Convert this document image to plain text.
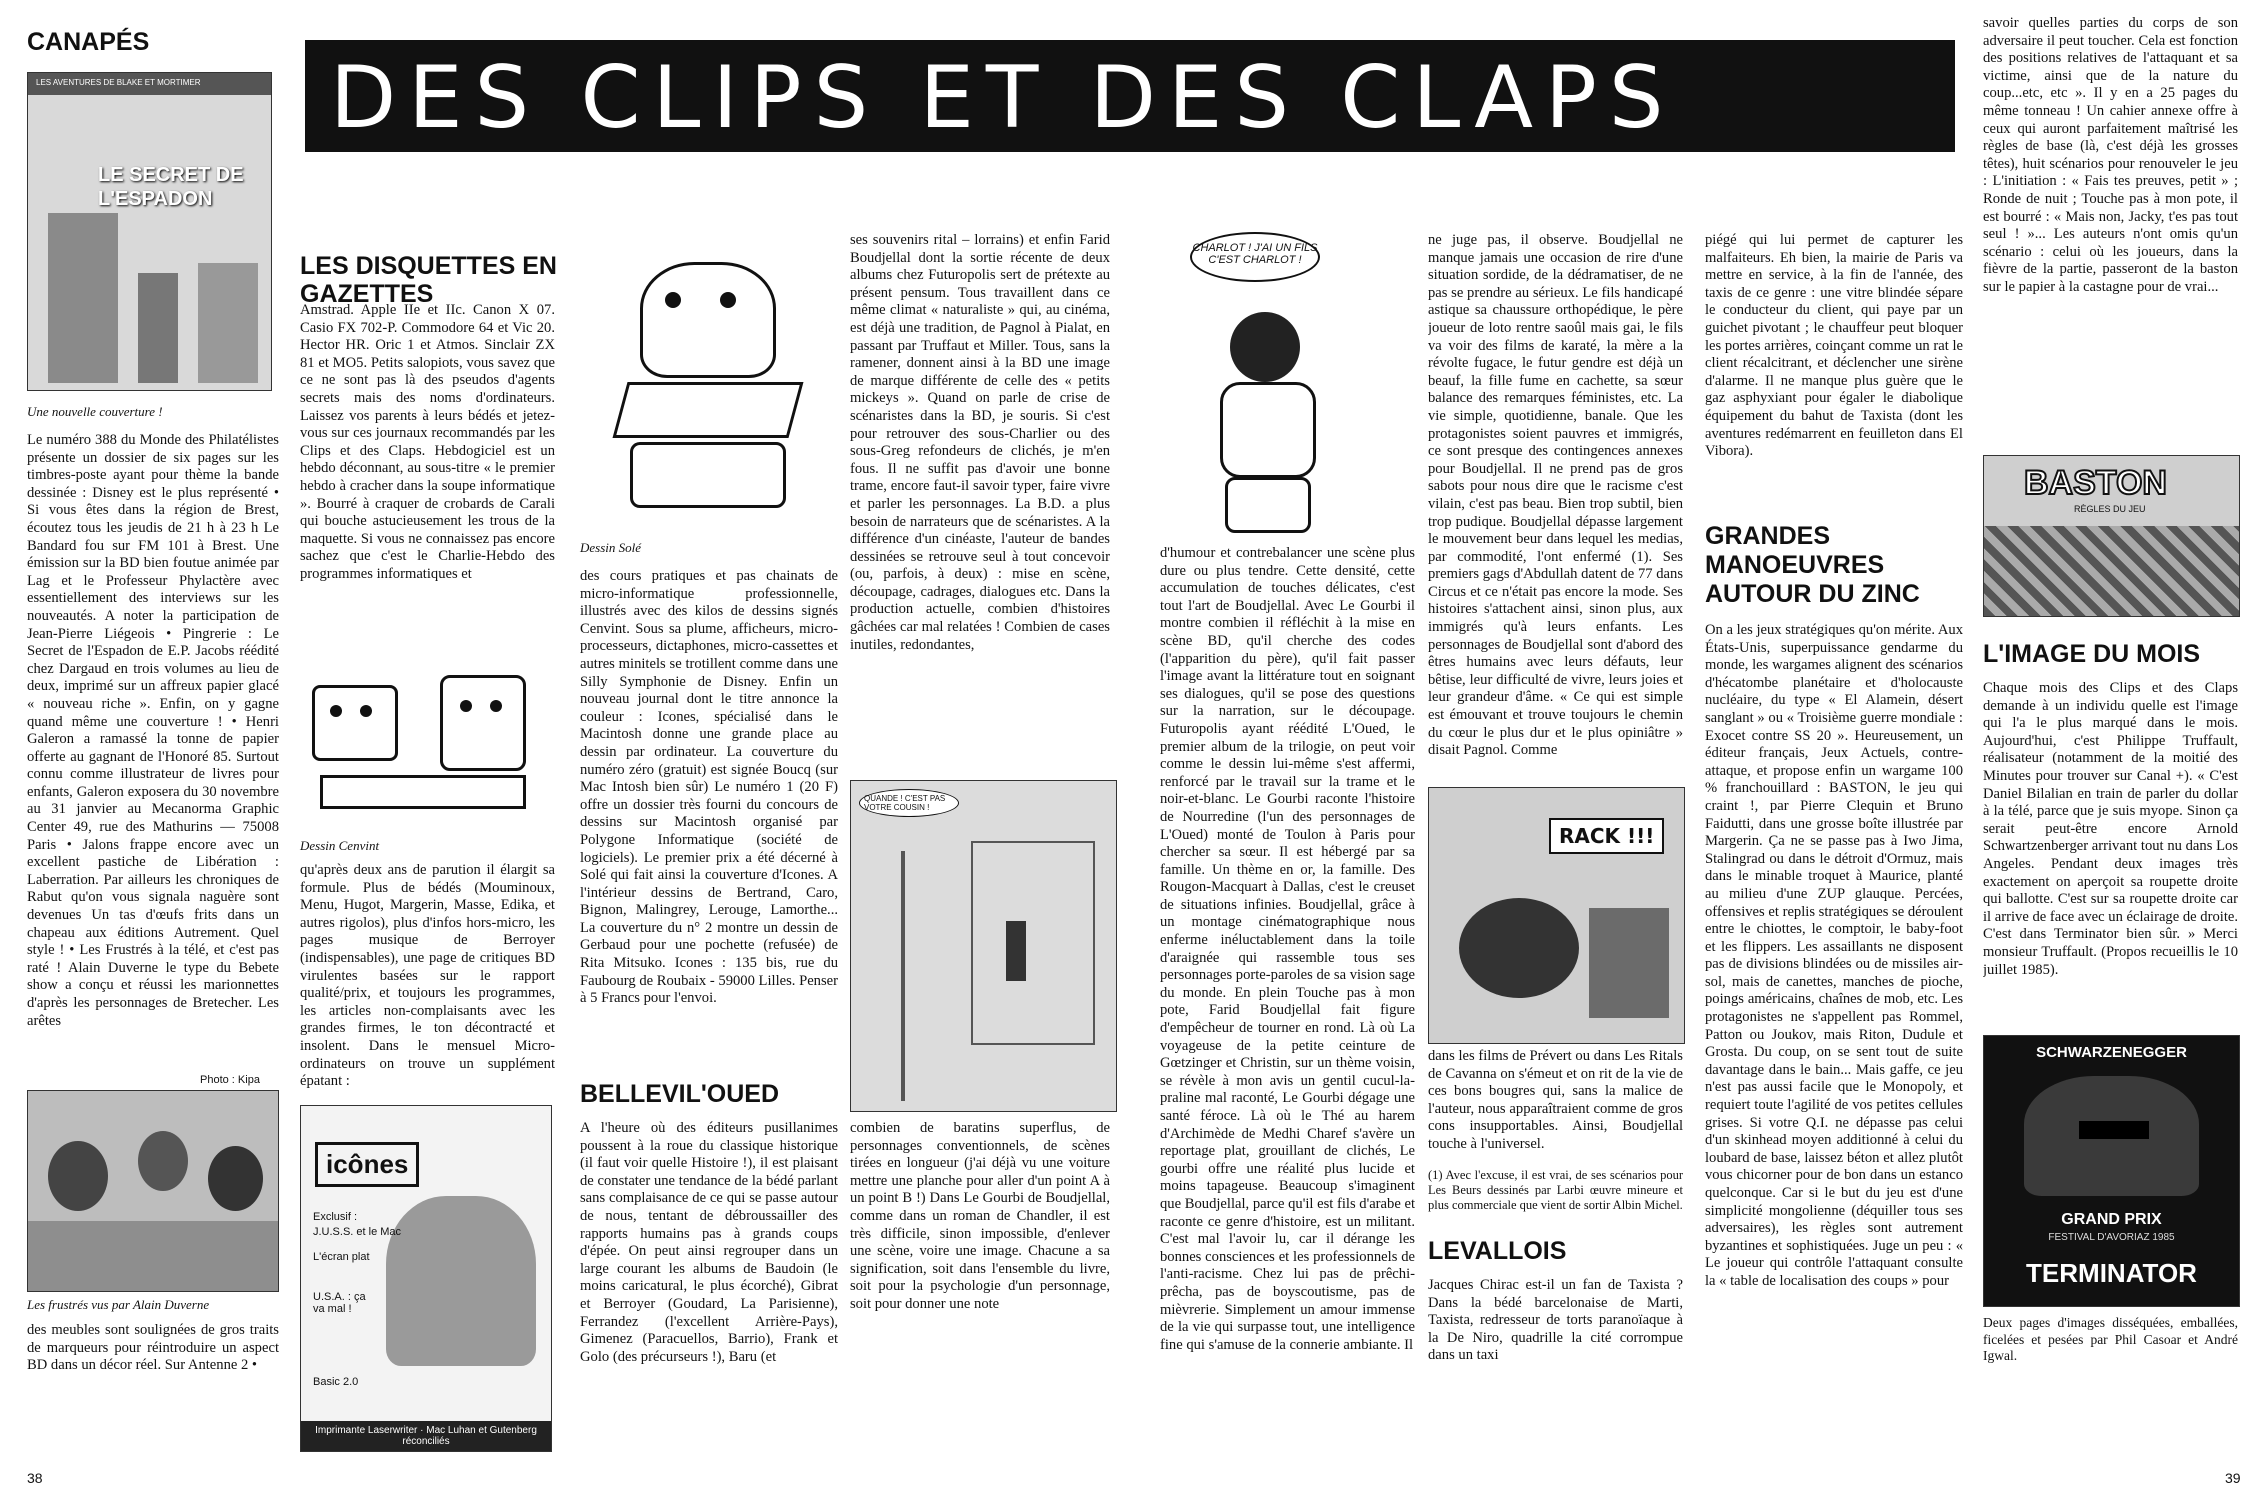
CANAPÉS
LES AVENTURES DE BLAKE ET MORTIMER
LE SECRET DE L'ESPADON
Une nouvelle couverture !
Le numéro 388 du Monde des Philatélistes présente un dossier de six pages sur les timbres-poste ayant pour thème la bande dessinée : Disney est le plus représenté • Si vous êtes dans la région de Brest, écoutez tous les jeudis de 21 h à 23 h Le Bandard fou sur FM 101 à Brest. Une émission sur la BD bien foutue animée par Lag et le Professeur Phylactère avec essentiellement des interviews sur les nouveautés. A noter la participation de Jean-Pierre Liégeois • Pingrerie : Le Secret de l'Espadon de E.P. Jacobs réédité chez Dargaud en trois volumes au lieu de deux, imprimé sur un affreux papier glacé « nouveau riche ». Enfin, on y gagne quand même une couverture ! • Henri Galeron a ramassé la tonne de papier offerte au gagnant de l'Honoré 85. Surtout connu comme illustrateur de livres pour enfants, Galeron exposera du 30 novembre au 31 janvier au Mecanorma Graphic Center 49, rue des Mathurins — 75008 Paris • Jalons frappe encore avec un excellent pastiche de Libération : Laberration. Par ailleurs les chroniques de Rabut qu'on vous signala naguère sont devenues Un tas d'œufs frits dans un chapeau aux éditions Autrement. Quel style ! • Les Frustrés à la télé, et c'est pas raté ! Alain Duverne le type du Bebete show a conçu et réussi les marionnettes d'après les personnages de Bretecher. Les arêtes
Photo : Kipa
Les frustrés vus par Alain Duverne
des meubles sont soulignées de gros traits de marqueurs pour réintroduire un aspect BD dans un décor réel. Sur Antenne 2 •
38
DES CLIPS ET DES CLAPS
LES DISQUETTES EN GAZETTES
Amstrad. Apple IIe et IIc. Canon X 07. Casio FX 702-P. Commodore 64 et Vic 20. Hector HR. Oric 1 et Atmos. Sinclair ZX 81 et MO5. Petits salopiots, vous savez que ce ne sont pas là des pseudos d'agents secrets mais des noms d'ordinateurs. Laissez vos parents à leurs bédés et jetez-vous sur ces journaux recommandés par les Clips et des Claps. Hebdogiciel est un hebdo déconnant, au sous-titre « le premier hebdo à cracher dans la soupe informatique ». Bourré à craquer de crobards de Carali qui bouche astucieusement les trous de la maquette. Si vous ne connaissez pas encore sachez que c'est le Charlie-Hebdo des programmes informatiques et
Dessin Cenvint
qu'après deux ans de parution il élargit sa formule. Plus de bédés (Mouminoux, Menu, Hugot, Margerin, Masse, Edika, et autres rigolos), plus d'infos hors-micro, les pages musique de Berroyer (indispensables), une page de critiques BD virulentes basées sur le rapport qualité/prix, et toujours les programmes, les articles non-complaisants avec les grandes firmes, le ton décontracté et insolent. Dans le mensuel Micro-ordinateurs on trouve un supplément épatant :
icônes
Exclusif :
J.U.S.S. et le Mac
L'écran plat
U.S.A. : ça va mal !
Basic 2.0
Imprimante Laserwriter · Mac Luhan et Gutenberg réconciliés
Dessin Solé
des cours pratiques et pas chainats de micro-informatique professionnelle, illustrés avec des kilos de dessins signés Cenvint. Sous sa plume, afficheurs, micro-processeurs, dictaphones, micro-cassettes et autres minitels se trotillent comme dans une Silly Symphonie de Disney. Enfin un nouveau journal dont le titre annonce la couleur : Icones, spécialisé dans le Macintosh donne une grande place au dessin par ordinateur. La couverture du numéro zéro (gratuit) est signée Boucq (sur Mac Intosh bien sûr) Le numéro 1 (20 F) offre un dossier très fourni du concours de dessins sur Macintosh organisé par Polygone Informatique (société de logiciels). Le premier prix a été décerné à Solé qui fait ainsi la couverture d'Icones. A l'intérieur dessins de Bertrand, Caro, Bignon, Malingrey, Lerouge, Lamorthe... La couverture du n° 2 montre un dessin de Gerbaud pour une pochette (refusée) de Rita Mitsuko. Icones : 135 bis, rue du Faubourg de Roubaix - 59000 Lilles. Penser à 5 Francs pour l'envoi.
BELLEVIL'OUED
A l'heure où des éditeurs pusillanimes poussent à la roue du classique historique (il faut voir quelle Histoire !), il est plaisant de constater une tendance de la bédé parlant sans complaisance de ce qui se passe autour de nous, tentant de débroussailler des rapports humains pas à grands coups d'épée. On peut ainsi regrouper dans un large courant les albums de Baudoin (le moins caricatural, le plus écorché), Gibrat et Berroyer (Goudard, La Parisienne), Ferrandez (l'excellent Arrière-Pays), Gimenez (Paracuellos, Barrio), Frank et Golo (des précurseurs !), Baru (et
ses souvenirs rital – lorrains) et enfin Farid Boudjellal dont la sortie récente de deux albums chez Futuropolis sert de prétexte au présent pensum. Tous travaillent dans ce même climat « naturaliste » qui, au cinéma, est déjà une tradition, de Pagnol à Pialat, en passant par Truffaut et Miller. Tous, sans la ramener, donnent ainsi à la BD une image de marque différente de celle des « petits mickeys ». Quand on parle de crise de scénaristes dans la BD, je souris. Si c'est pour retrouver des sous-Charlier ou des sous-Greg refondeurs de clichés, je m'en fous. Il ne suffit pas d'avoir une bonne trame, encore faut-il savoir typer, faire vivre et parler les personnages. La B.D. a plus besoin de narrateurs que de scénaristes. A la différence d'un cinéaste, l'auteur de bandes dessinées se retrouve seul à tout concevoir (ou, parfois, à deux) : mise en scène, découpage, cadrages, dialogues etc. Dans la production actuelle, combien d'histoires gâchées car mal relatées ! Combien de cases inutiles, redondantes,
QUANDE ! C'EST PAS VOTRE COUSIN !
combien de baratins superflus, de personnages conventionnels, de scènes tirées en longueur (j'ai déjà vu une voiture mettre une planche pour aller d'un point A à un point B !) Dans Le Gourbi de Boudjellal, comme dans un roman de Chandler, il est très difficile, sinon impossible, d'enlever une scène, voire une image. Chacune a sa signification, soit dans l'ensemble du livre, soit pour la psychologie d'un personnage, soit pour donner une note
CHARLOT ! J'AI UN FILS C'EST CHARLOT !
d'humour et contrebalancer une scène plus dure ou plus tendre. Cette densité, cette accumulation de touches délicates, c'est tout l'art de Boudjellal. Avec Le Gourbi il montre combien il réfléchit à la mise en scène BD, qu'il cherche des codes (l'apparition du père), qu'il fait passer l'image avant la littérature tout en soignant ses dialogues, qu'il se pose des questions sur la narration, sur le découpage. Futuropolis ayant réédité L'Oued, le premier album de la trilogie, on peut voir comme le dessin lui-même s'est affermi, renforcé par le travail sur la trame et le noir-et-blanc. Le Gourbi raconte l'histoire de Nourredine (l'un des personnages de L'Oued) monté de Toulon à Paris pour chercher sa sœur. Il est hébergé par sa famille. Un thème en or, la famille. Des Rougon-Macquart à Dallas, c'est le creuset de situations infinies. Boudjellal, grâce à un montage cinématographique nous enferme inéluctablement dans la toile d'araignée qui rassemble tous ses personnages porte-paroles de sa vision sage du monde. En plein Touche pas à mon pote, Farid Boudjellal fait figure d'empêcheur de tourner en rond. Là où La voyageuse de la petite ceinture de Gœtzinger et Christin, sur un thème voisin, se révèle à mon avis un gentil cucul-la-praline mal raconté, Le Gourbi dégage une santé féroce. Là où le Thé au harem d'Archimède de Medhi Charef s'avère un reportage plat, grouillant de clichés, Le gourbi offre une réalité plus lucide et moins tapageuse. Beaucoup s'imaginent que Boudjellal, parce qu'il est fils d'arabe et raconte ce genre d'histoire, est un militant. C'est mal l'avoir lu, car il dérange les bonnes consciences et les professionnels de l'anti-racisme. Chez lui pas de prêchi-prêcha, pas de boyscoutisme, pas de mièvrerie. Simplement un amour immense de la vie qui surpasse tout, une intelligence fine qui s'amuse de la connerie ambiante. Il
ne juge pas, il observe. Boudjellal ne manque jamais une occasion de rire d'une situation sordide, de la dédramatiser, de ne pas se prendre au sérieux. Le fils handicapé astique sa chaussure orthopédique, le père joueur de loto rentre saoûl mais gai, le fils va voir des films de karaté, la mère a la révolte fugace, le futur gendre est déjà un beauf, la fille fume en cachette, sa sœur balance des remarques féministes, etc. La vie simple, quotidienne, banale. Que les protagonistes soient pauvres et immigrés, ce sont presque des contingences annexes pour Boudjellal. Il ne prend pas de gros sabots pour nous dire que le racisme c'est vilain, c'est pas beau. Bien trop subtil, bien trop pudique. Boudjellal dépasse largement le mouvement beur dans lequel les medias, par commodité, l'ont enfermé (1). Ses premiers gags d'Abdullah datent de 77 dans Circus et ce n'était pas encore la mode. Ses histoires s'attachent ainsi, sinon plus, aux immigrés qu'à leurs enfants. Les personnages de Boudjellal sont d'abord des êtres humains avec leurs défauts, leur bêtise, leur difficulté de vivre, leurs joies et leur grandeur d'âme. « Ce qui est simple est émouvant et trouve toujours le chemin du cœur le plus dur et le plus opiniâtre » disait Pagnol. Comme
RACK !!!
dans les films de Prévert ou dans Les Ritals de Cavanna on s'émeut et on rit de la vie de ces bons bougres qui, sans la malice de l'auteur, nous apparaîtraient comme de gros cons insupportables. Ainsi, Boudjellal touche à l'universel.
(1) Avec l'excuse, il est vrai, de ses scénarios pour Les Beurs dessinés par Larbi œuvre mineure et plus commerciale que vient de sortir Albin Michel.
LEVALLOIS
Jacques Chirac est-il un fan de Taxista ? Dans la bédé barcelonaise de Marti, Taxista, redresseur de torts paranoïaque à la De Niro, quadrille la cité corrompue dans un taxi
piégé qui lui permet de capturer les malfaiteurs. Eh bien, la mairie de Paris va mettre en service, à la fin de l'année, des taxis de ce genre : une vitre blindée sépare le conducteur du client, qui paye par un guichet pivotant ; le chauffeur peut bloquer les portes arrières, coinçant comme un rat le client récalcitrant, et déclencher une sirène d'alarme. Il ne manque plus guère que le gaz asphyxiant pour égaler le diabolique équipement du bahut de Taxista (dont les aventures redémarrent en feuilleton dans El Vibora).
GRANDES MANOEUVRES AUTOUR DU ZINC
On a les jeux stratégiques qu'on mérite. Aux États-Unis, superpuissance gendarme du monde, les wargames alignent des scénarios d'hécatombe planétaire et d'holocauste nucléaire, du type « El Alamein, désert sanglant » ou « Troisième guerre mondiale : Exocet contre SS 20 ». Heureusement, un éditeur français, Jeux Actuels, contre-attaque, et propose enfin un wargame 100 % franchouillard : BASTON, le jeu qui craint !, par Pierre Clequin et Bruno Faidutti, dans une grosse boîte illustrée par Margerin. Ça ne se passe pas à Iwo Jima, Stalingrad ou dans le détroit d'Ormuz, mais dans le minable troquet à Maurice, planté au milieu d'une ZUP glauque. Percées, offensives et replis stratégiques se déroulent entre le chiottes, le comptoir, le baby-foot et les flippers. Les assaillants ne disposent pas de divisions blindées ou de missiles air-sol, mais de canettes, manches de pioche, poings américains, chaînes de mob, etc. Les protagonistes ne s'appellent pas Rommel, Patton ou Joukov, mais Riton, Dudule et Grosta. Du coup, on se sent tout de suite davantage dans le bain... Mais gaffe, ce jeu n'est pas aussi facile que le Monopoly, et requiert toute l'agilité de vos petites cellules grises. Si votre Q.I. ne dépasse pas celui d'un skinhead moyen additionné à celui du loubard de base, laissez béton et allez plutôt vous chicorner pour de bon dans un estanco quelconque. Car si le but du jeu est d'une simplicité mongolienne (déquiller tous ses adversaires), les règles sont autrement byzantines et sophistiquées. Juge un peu : « Le joueur qui contrôle l'attaquant consulte la « table de localisation des coups » pour
savoir quelles parties du corps de son adversaire il peut toucher. Cela est fonction des positions relatives de l'attaquant et sa victime, ainsi que de la nature du coup...etc, etc ». Il y en a 25 pages du même tonneau ! Un cahier annexe offre à ceux qui auront parfaitement maîtrisé les règles de base (là, c'est déjà les grosses têtes), huit scénarios pour renouveler le jeu : L'initiation : « Fais tes preuves, petit » ; Ronde de nuit ; Touche pas à mon pote, il est bourré : « Mais non, Jacky, t'es pas tout seul ! »... Les auteurs n'ont omis qu'un scénario : celui où les joueurs, dans la fièvre de la partie, passeront de la baston sur le papier à la castagne pour de vrai...
BASTON
RÈGLES DU JEU
L'IMAGE DU MOIS
Chaque mois des Clips et des Claps demande à un individu quelle est l'image qui l'a le plus marqué dans le mois. Aujourd'hui, c'est Philippe Truffault, réalisateur (notamment de la moitié des Minutes pour trouver sur Canal +). « C'est Daniel Bilalian en train de parler du dollar à la télé, parce que je suis myope. Sinon ça serait peut-être encore Arnold Schwartzenberger arrivant tout nu dans Los Angeles. Pendant deux images très exactement on aperçoit sa roupette droite qui ballotte. C'est sur sa roupette droite car il arrive de face avec un éclairage de droite. C'est dans Terminator bien sûr. » Merci monsieur Truffault. (Propos recueillis le 10 juillet 1985).
SCHWARZENEGGER
GRAND PRIX
FESTIVAL D'AVORIAZ 1985
TERMINATOR
Deux pages d'images disséquées, emballées, ficelées et pesées par Phil Casoar et André Igwal.
39
